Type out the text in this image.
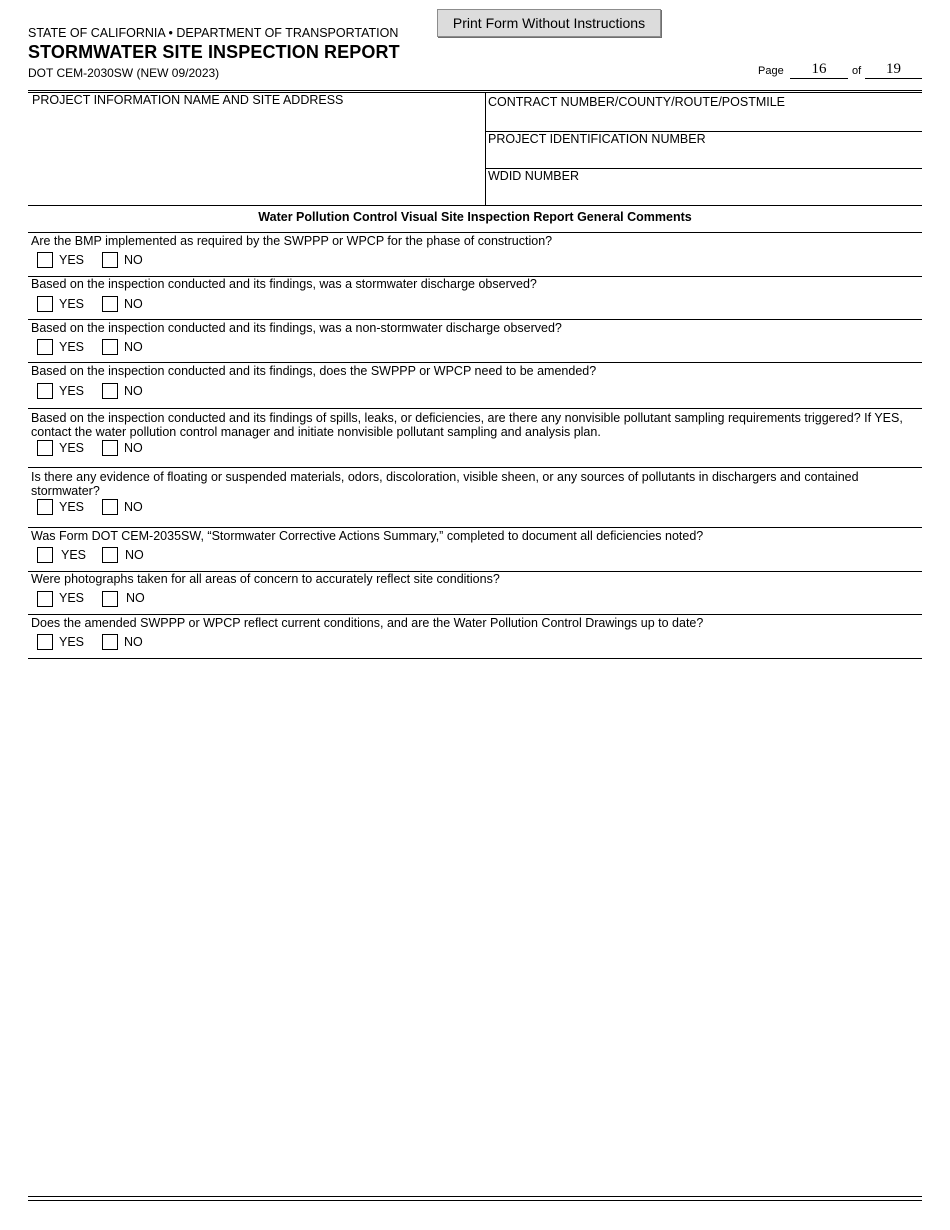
STATE OF CALIFORNIA • DEPARTMENT OF TRANSPORTATION
STORMWATER SITE INSPECTION REPORT
DOT CEM-2030SW (NEW 09/2023)
Print Form Without Instructions
Page
16	of
19
PROJECT INFORMATION NAME AND SITE ADDRESS	CONTRACT NUMBER/COUNTY/ROUTE/POSTMILE
PROJECT IDENTIFICATION NUMBER
WDID NUMBER
Water Pollution Control Visual Site Inspection Report General Comments
Are the BMP implemented as required by the SWPPP or WPCP for the phase of construction?
YES	NO
Based on the inspection conducted and its findings, was a stormwater discharge observed?
YES	NO
Based on the inspection conducted and its findings, was a non-stormwater discharge observed?
YES	NO
Based on the inspection conducted and its findings, does the SWPPP or WPCP need to be amended?
YES	NO
Based on the inspection conducted and its findings of spills, leaks, or deficiencies, are there any nonvisible pollutant sampling requirements triggered? If YES, contact the water pollution control manager and initiate nonvisible pollutant sampling and analysis plan.
YES	NO
Is there any evidence of floating or suspended materials, odors, discoloration, visible sheen, or any sources of pollutants in dischargers and contained stormwater?
YES	NO
Was Form DOT CEM-2035SW, “Stormwater Corrective Actions Summary,” completed to document all deficiencies noted?
YES	NO
Were photographs taken for all areas of concern to accurately reflect site conditions?
YES	NO
Does the amended SWPPP or WPCP reflect current conditions, and are the Water Pollution Control Drawings up to date?
YES	NO
